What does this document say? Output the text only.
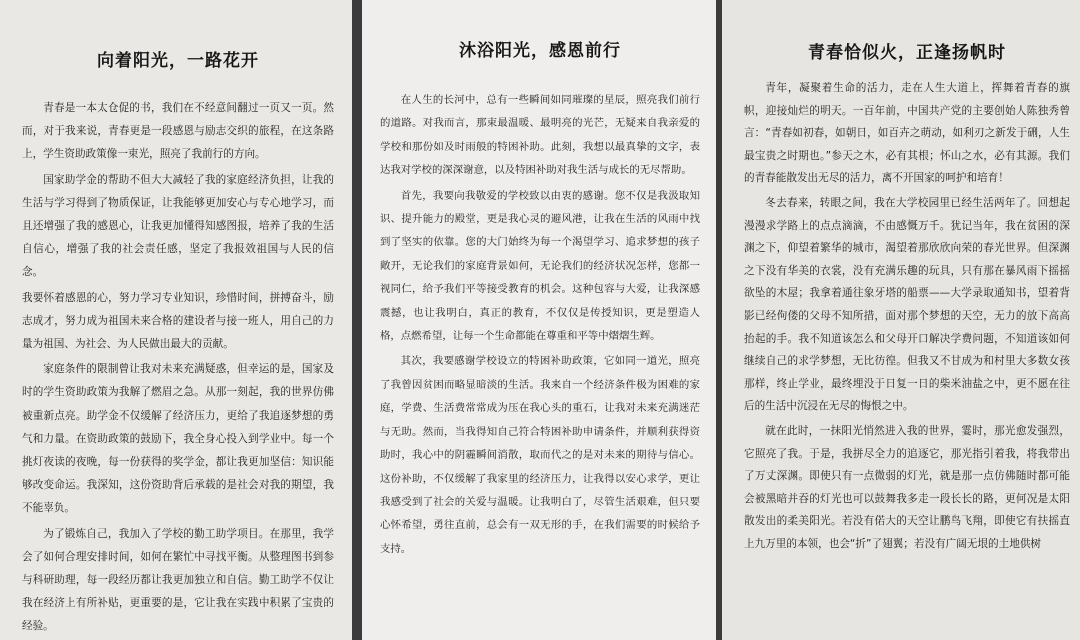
向着阳光，一路花开

青春是一本太仓促的书，我们在不经意间翻过一页又一页。然而，对于我来说，青春更是一段感恩与励志交织的旅程，在这条路上，学生资助政策像一束光，照亮了我前行的方向。

国家助学金的帮助不但大大减轻了我的家庭经济负担，让我的生活与学习得到了物质保证，让我能够更加安心与专心地学习，而且还增强了我的感恩心，让我更加懂得知感图报，培养了我的生活自信心，增强了我的社会责任感，坚定了我报效祖国与人民的信念。

我要怀着感恩的心，努力学习专业知识，珍惜时间，拼搏奋斗，励志成才，努力成为祖国未来合格的建设者与接一班人，用自己的力量为祖国、为社会、为人民做出最大的贡献。

家庭条件的限制曾让我对未来充满疑惑，但幸运的是，国家及时的学生资助政策为我解了燃眉之急。从那一刻起，我的世界仿佛被重新点亮。助学金不仅缓解了经济压力，更给了我追逐梦想的勇气和力量。在资助政策的鼓励下，我全身心投入到学业中。每一个挑灯夜读的夜晚，每一份获得的奖学金，都让我更加坚信：知识能够改变命运。我深知，这份资助背后承载的是社会对我的期望，我不能辜负。

为了锻炼自己，我加入了学校的勤工助学项目。在那里，我学会了如何合理安排时间，如何在繁忙中寻找平衡。从整理图书到参与科研助理，每一段经历都让我更加独立和自信。勤工助学不仅让我在经济上有所补贴，更重要的是，它让我在实践中积累了宝贵的经验。

沐浴阳光，感恩前行

在人生的长河中，总有一些瞬间如同璀璨的星辰，照亮我们前行的道路。对我而言，那束最温暖、最明亮的光芒，无疑来自我亲爱的学校和那份如及时雨般的特困补助。此刻，我想以最真挚的文字，表达我对学校的深深谢意，以及特困补助对我生活与成长的无尽帮助。

首先，我要向我敬爱的学校致以由衷的感谢。您不仅是我汲取知识、提升能力的殿堂，更是我心灵的避风港，让我在生活的风雨中找到了坚实的依靠。您的大门始终为每一个渴望学习、追求梦想的孩子敞开，无论我们的家庭背景如何，无论我们的经济状况怎样，您都一视同仁，给予我们平等接受教育的机会。这种包容与大爱，让我深感震撼，也让我明白，真正的教育，不仅仅是传授知识，更是塑造人格，点燃希望，让每一个生命都能在尊重和平等中熠熠生辉。

其次，我要感谢学校设立的特困补助政策，它如同一道光，照亮了我曾因贫困而略显暗淡的生活。我来自一个经济条件极为困难的家庭，学费、生活费常常成为压在我心头的重石，让我对未来充满迷茫与无助。然而，当我得知自己符合特困补助申请条件，并顺利获得资助时，我心中的阴霾瞬间消散，取而代之的是对未来的期待与信心。这份补助，不仅缓解了我家里的经济压力，让我得以安心求学，更让我感受到了社会的关爱与温暖。让我明白了，尽管生活艰难，但只要心怀希望，勇往直前，总会有一双无形的手，在我们需要的时候给予支持。

青春恰似火，正逢扬帆时

青年，凝聚着生命的活力，走在人生大道上，挥舞着青春的旗帜，迎接灿烂的明天。一百年前，中国共产党的主要创始人陈独秀曾言：“青春如初春，如朝日，如百卉之萌动，如利刃之新发于硎，人生最宝贵之时期也。”参天之木，必有其根；怀山之水，必有其源。我们的青春能散发出无尽的活力，离不开国家的呵护和培育！

冬去春来，转眼之间，我在大学校园里已经生活两年了。回想起漫漫求学路上的点点滴滴，不由感慨万千。犹记当年，我在贫困的深渊之下，仰望着繁华的城市，渴望着那欣欣向荣的春光世界。但深渊之下没有华美的衣裳，没有充满乐趣的玩具，只有那在暴风雨下摇摇欲坠的木屋；我拿着通往象牙塔的船票——大学录取通知书，望着背影已经佝偻的父母不知所措，面对那个梦想的天空，无力的放下高高抬起的手。我不知道该怎么和父母开口解决学费问题，不知道该如何继续自己的求学梦想，无比彷徨。但我又不甘成为和村里大多数女孩那样，终止学业，最终埋没于日复一日的柴米油盐之中，更不愿在往后的生活中沉浸在无尽的悔恨之中。

就在此时，一抹阳光悄然进入我的世界，霎时，那光愈发强烈，它照亮了我。于是，我拼尽全力的追逐它，那光指引着我，将我带出了万丈深渊。即使只有一点微弱的灯光，就是那一点仿佛随时都可能会被黑暗并吞的灯光也可以鼓舞我多走一段长长的路，更何况是太阳散发出的柔美阳光。若没有偌大的天空让鹏鸟飞翔，即使它有扶摇直上九万里的本领，也会“折”了翅翼；若没有广阔无垠的土地供树
